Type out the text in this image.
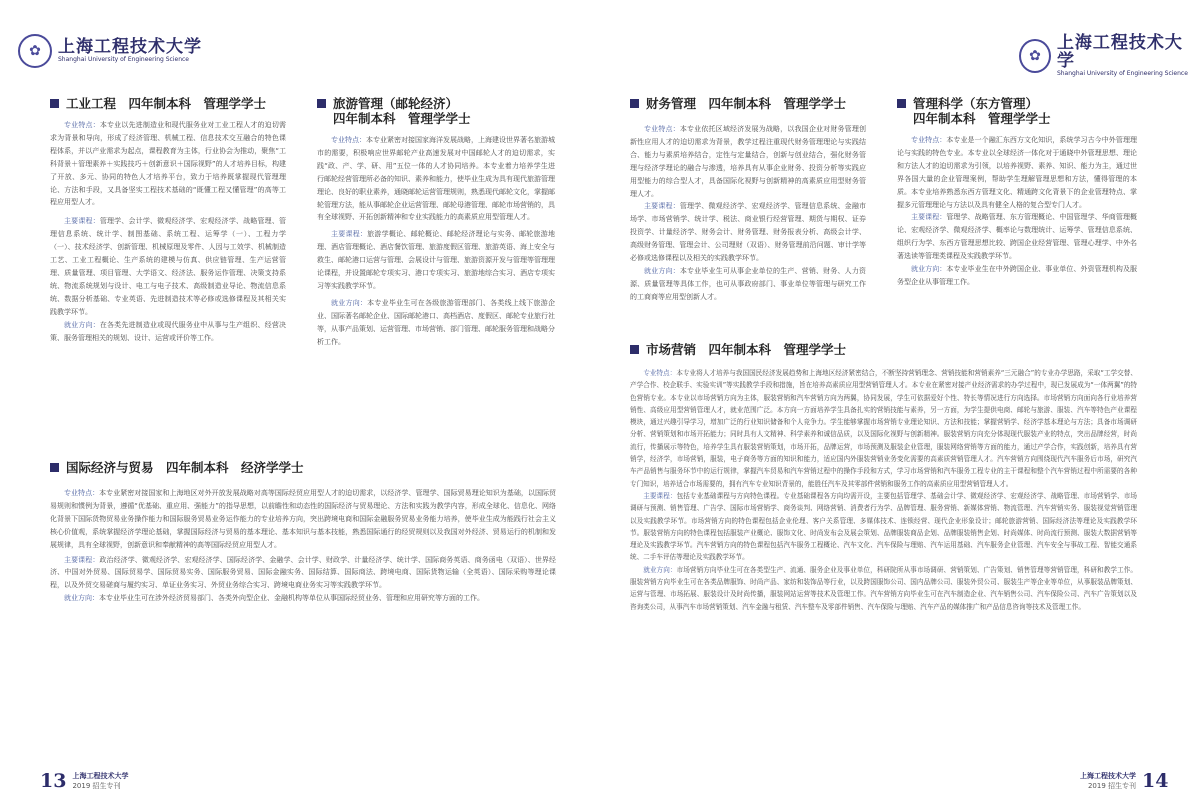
✿	上海工程技术大学
Shanghai University of Engineering Science	✿
上海工程技术大学
Shanghai University of Engineering Science
工业工程　四年制本科　管理学学士

专业特点：本专业以先进制造业和现代服务业对工业工程人才的迫切需求为背景和导向，形成了经济管理、机械工程、信息技术交互融合的特色课程体系，并以产业需求为起点，课程教育为主体，行业协会为推动，聚焦“工科背景＋管理素养＋实践技巧＋创新意识＋国际视野”的人才培养目标，构建了开放、多元、协同的特色人才培养平台，致力于培养既掌握现代管理理论、方法和手段，又具备坚实工程技术基础的“既懂工程又懂管理”的高等工程应用型人才。

主要课程：管理学、会计学、微观经济学、宏观经济学、战略管理、管理信息系统、统计学、制图基础、系统工程、运筹学（一）、工程力学（一）、技术经济学、创新管理、机械原理及零件、人因与工效学、机械制造工艺、工业工程概论、生产系统的建模与仿真、供应链管理、生产运营管理、质量管理、项目管理、大学语文、经济法、服务运作管理、决策支持系统、物流系统规划与设计、电工与电子技术、高级制造业导论、物流信息系统、数据分析基础、专业英语、先进制造技术等必修或选修课程及其相关实践教学环节。

就业方向：在各类先进制造业或现代服务业中从事与生产组织、经营决策、服务管理相关的规划、设计、运营或评价等工作。

旅游管理（邮轮经济）
四年制本科　管理学学士

专业特点：本专业紧密对接国家海洋发展战略，上海建设世界著名旅游城市的需要，积极响应世界邮轮产业高速发展对中国邮轮人才的迫切需求，实践“政、产、学、研、用”五位一体的人才协同培养。本专业着力培养学生进行邮轮经营管理所必备的知识、素养和能力，使毕业生成为具有现代旅游管理理论、良好的职业素养，通晓邮轮运营管理规则，熟悉现代邮轮文化，掌握邮轮管理方法，能从事邮轮企业运营管理、邮轮母港管理、邮轮市场营销的，具有全球视野、开拓创新精神和专业实践能力的高素质应用型管理人才。

主要课程：旅游学概论、邮轮概论、邮轮经济理论与实务、邮轮旅游地理、酒店管理概论、酒店餐饮管理、旅游度假区管理、旅游英语、海上安全与救生、邮轮港口运营与管理、会展设计与管理、旅游资源开发与管理等管理理论课程，并设置邮轮专项实习、港口专项实习、旅游地综合实习、酒店专项实习等实践教学环节。

就业方向：本专业毕业生可在各级旅游管理部门、各类线上线下旅游企业、国际著名邮轮企业、国际邮轮港口、高档酒店、度假区、邮轮专业旅行社等，从事产品策划、运营管理、市场营销、部门管理、邮轮服务管理和战略分析工作。

财务管理　四年制本科　管理学学士

专业特点：本专业依托区域经济发展为战略，以我国企业对财务管理创新性应用人才的迫切需求为背景，教学过程注重现代财务管理理论与实践结合、能力与素质培养结合，定性与定量结合，创新与创业结合，强化财务管理与经济学理论的融合与渗透，培养具有从事企业财务、投资分析等实践应用型能力的综合型人才，具备国际化视野与创新精神的高素质应用型财务管理人才。

主要课程：管理学、微观经济学、宏观经济学、管理信息系统、金融市场学、市场营销学、统计学、税法、商业银行经营管理、期货与期权、证券投资学、计量经济学、财务会计、财务管理、财务报表分析、高级会计学、高级财务管理、管理会计、公司理财（双语）、财务管理前沿问题、审计学等必修或选修课程以及相关的实践教学环节。

就业方向：本专业毕业生可从事企业单位的生产、营销、财务、人力资源、质量管理等具体工作，也可从事政府部门、事业单位等管理与研究工作的工商商等应用型创新人才。

管理科学（东方管理）
四年制本科　管理学学士

专业特点：本专业是一个融汇东西方文化知识，系统学习古今中外管理理论与实践的特色专业。本专业以全球经济一体化对于通晓中外管理思想、理论和方法人才的迫切需求为引领，以培养视野、素养、知识、能力为主，通过世界各国大量的企业管理案例，帮助学生理解管理思想和方法，懂得管理的本质。本专业培养熟悉东西方管理文化、精通跨文化背景下的企业管理特点、掌握多元管理理论与方法以及具有健全人格的复合型专门人才。

主要课程：管理学、战略管理、东方管理概论、中国管理学、华商管理概论、宏观经济学、微观经济学、概率论与数理统计、运筹学、管理信息系统、组织行为学、东西方管理思想比较、跨国企业经营管理、管理心理学、中外名著选读等管理类课程及实践教学环节。

就业方向：本专业毕业生在中外跨国企业、事业单位、外资管理机构及服务型企业从事管理工作。

国际经济与贸易　四年制本科　经济学学士

专业特点：本专业紧密对接国家和上海地区对外开放发展战略对高等国际经贸应用型人才的迫切需求，以经济学、管理学、国际贸易理论知识为基础，以国际贸易规则和惯例为背景，遵循“优基础、重应用、强能力”的指导思想，以前瞻性和动态性的国际经济与贸易理论、方法和实践为教学内容，形成全球化、信息化、网络化背景下国际货物贸易业务操作能力和国际服务贸易业务运作能力的专业培养方向，突出跨境电商和国际金融服务贸易业务能力培养，使毕业生成为能践行社会主义核心价值观，系统掌握经济学理论基础，掌握国际经济与贸易的基本理论、基本知识与基本技能，熟悉国际通行的经贸规则以及我国对外经济、贸易运行的机制和发展规律，具有全球视野，创新意识和奉献精神的高等国际经贸应用型人才。

主要课程：政治经济学、微观经济学、宏观经济学、国际经济学、金融学、会计学、财政学、计量经济学、统计学、国际商务英语、商务函电（双语）、世界经济、中国对外贸易、国际贸易学、国际贸易实务、国际服务贸易、国际金融实务、国际结算、国际商法、跨境电商、国际货物运输（全英语）、国际采购等理论课程，以及外贸交易磋商与履约实习、单证业务实习、外贸业务综合实习、跨境电商业务实习等实践教学环节。

就业方向：本专业毕业生可在涉外经济贸易部门、各类外向型企业、金融机构等单位从事国际经贸业务、管理和应用研究等方面的工作。

市场营销　四年制本科　管理学学士

专业特点：本专业将人才培养与我国国民经济发展趋势和上海地区经济紧密结合，不断坚持营销理念、营销技能和营销素养“三元融合”的专业办学思路，采取“工学交替、产学合作、校企联手、实验实训”等实践教学手段和措施，旨在培养高素质应用型营销管理人才。本专业在紧密对接产业经济需求的办学过程中，现已发展成为“一体两翼”的特色营销专业。本专业以市场营销方向为主体，服装营销和汽车营销方向为两翼，协同发展，学生可依据爱好个性、特长等情况进行方向选择。市场营销方向面向各行业培养营销性、高级应用型营销管理人才，就业范围广泛。本方向一方面培养学生具备扎实的营销技能与素养，另一方面，为学生提供电商、邮轮与旅游、服装、汽车等特色产业课程模块，通过兴趣引导学习，增加广泛的行业知识储备和个人竞争力。学生能够掌握市场营销专业理论知识、方法和技能；掌握营销学、经济学基本理论与方法；具备市场调研分析、营销策划和市场开拓能力；同时具有人文精神、科学素养和诚信品质，以及国际化视野与创新精神。服装营销方向充分体现现代服装产业的特点，突出品牌经营，时尚流行，传播展示等特色，培养学生具有服装营销策划，市场开拓，品牌运营，市场预测及服装企业管理，服装网络营销等方面的能力，通过产学合作，实践创新，培养具有营销学，经济学，市场营销，服装，电子商务等方面的知识和能力，适应国内外服装营销业务变化需要的高素质营销管理人才。汽车营销方向围绕现代汽车服务后市场，研究汽车产品销售与服务环节中的运行规律，掌握汽车贸易和汽车营销过程中的操作手段和方式，学习市场营销和汽车服务工程专业的主干课程和整个汽车营销过程中所需要的各种专门知识，培养适合市场需要的，拥有汽车专业知识背景的，能胜任汽车及其零部件营销和服务工作的高素质应用型营销管理人才。

主要课程：包括专业基础课程与方向特色课程。专业基础课程各方向均需开设，主要包括管理学、基础会计学、微观经济学、宏观经济学、战略管理、市场营销学、市场调研与预测、销售管理、广告学、国际市场营销学、商务谈判、网络营销、消费者行为学、品牌管理、服务营销、新媒体营销、物流管理、汽车营销实务、服装视觉营销管理以及实践教学环节。市场营销方向的特色课程包括企业伦理、客户关系管理、多媒体技术、连锁经营、现代企业形象设计；邮轮旅游营销、国际经济法等理论及实践教学环节。服装营销方向的特色课程包括服装产业概论、服饰文化、时尚发布会及展会策划、品牌服装商品企划、品牌服装销售企划、时尚媒体、时尚流行预测、服装大数据营销等理论及实践教学环节。汽车营销方向的特色课程包括汽车服务工程概论、汽车文化、汽车保险与理赔、汽车运用基础、汽车服务企业管理、汽车安全与事故工程、智能交通系统、二手车评估等理论及实践教学环节。

就业方向：市场营销方向毕业生可在各类型生产、流通、服务企业及事业单位，科研院所从事市场调研、营销策划、广告策划、销售管理等营销管理，科研和教学工作。服装营销方向毕业生可在各类品牌服饰、时尚产品、家纺和装饰品等行业，以及跨国服饰公司、国内品牌公司、服装外贸公司、服装生产等企业等单位，从事服装品牌策划、运营与管理、市场拓展、服装设计及时尚传播，服装网站运营等技术及管理工作。汽车营销方向毕业生可在汽车制造企业、汽车销售公司、汽车保险公司、汽车广告策划以及咨询类公司，从事汽车市场营销策划、汽车金融与租赁、汽车整车及零部件销售、汽车保险与理赔、汽车产品的媒体推广和产品信息咨询等技术及管理工作。

13 上海工程技术大学
2019 招生专刊
上海工程技术大学
2019 招生专刊 14
